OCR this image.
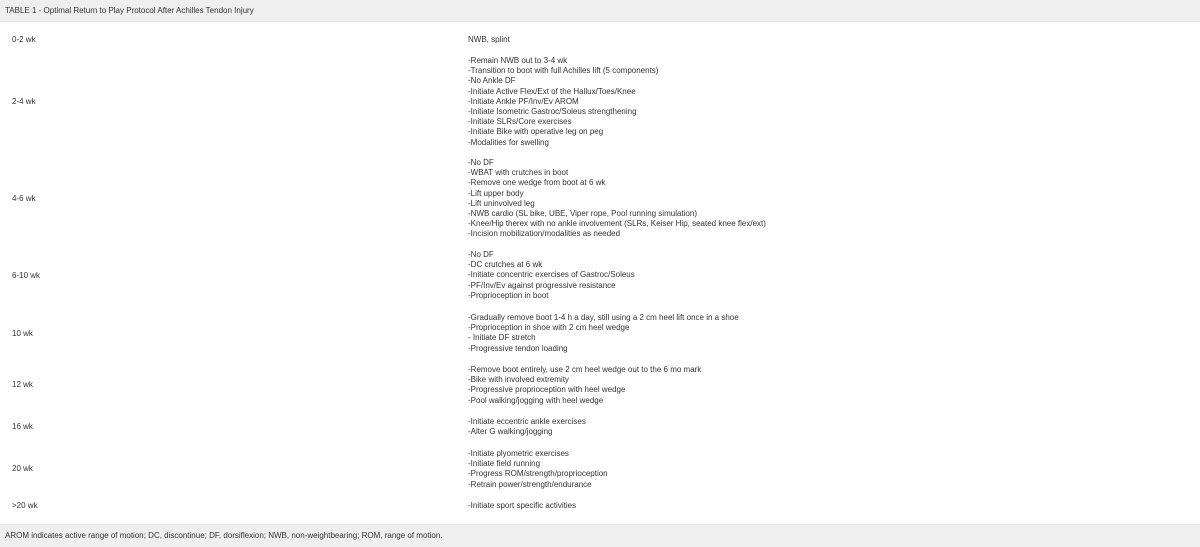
TABLE 1 - Optimal Return to Play Protocol After Achilles Tendon Injury
0-2 wk	NWB, splint
2-4 wk
-Remain NWB out to 3-4 wk
-Transition to boot with full Achilles lift (5 components)
-No Ankle DF
-Initiate Active Flex/Ext of the Hallux/Toes/Knee
-Initiate Ankle PF/Inv/Ev AROM
-Initiate Isometric Gastroc/Soleus strengthening
-Initiate SLRs/Core exercises
-Initiate Bike with operative leg on peg
-Modalities for swelling
4-6 wk
-No DF
-WBAT with crutches in boot
-Remove one wedge from boot at 6 wk
-Lift upper body
-Lift uninvolved leg
-NWB cardio (SL bike, UBE, Viper rope, Pool running simulation)
-Knee/Hip therex with no ankle involvement (SLRs, Keiser Hip, seated knee flex/ext)
-Incision mobilization/modalities as needed
6-10 wk
-No DF
-DC crutches at 6 wk
-Initiate concentric exercises of Gastroc/Soleus
-PF/Inv/Ev against progressive resistance
-Proprioception in boot
10 wk
-Gradually remove boot 1-4 h a day, still using a 2 cm heel lift once in a shoe
-Proprioception in shoe with 2 cm heel wedge
- Initiate DF stretch
-Progressive tendon loading
12 wk
-Remove boot entirely, use 2 cm heel wedge out to the 6 mo mark
-Bike with involved extremity
-Progressive proprioception with heel wedge
-Pool walking/jogging with heel wedge
16 wk
-Initiate eccentric ankle exercises
-Alter G walking/jogging
20 wk
-Initiate plyometric exercises
-Initiate field running
-Progress ROM/strength/proprioception
-Retrain power/strength/endurance
>20 wk	-Initiate sport specific activities
AROM indicates active range of motion; DC, discontinue; DF, dorsiflexion; NWB, non-weightbearing; ROM, range of motion.
